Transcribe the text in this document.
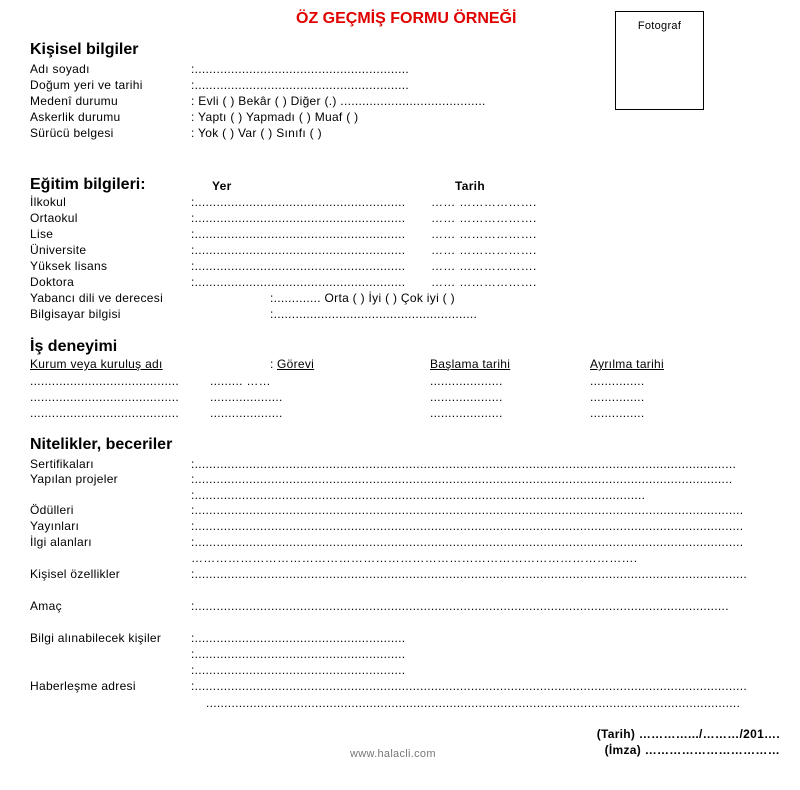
ÖZ GEÇMİŞ FORMU ÖRNEĞİ	Fotograf
Kişisel bilgiler
Adı soyadı	:...........................................................
Doğum yeri ve tarihi	:...........................................................
Medenî durumu	: Evli ( ) Bekâr ( ) Diğer (.) ........................................
Askerlik durumu	: Yaptı ( ) Yapmadı ( ) Muaf ( )
Sürücü belgesi	: Yok ( ) Var ( ) Sınıfı ( )
Eğitim bilgileri:	Yer	Tarih
İlkokul	:.......................................................... …… ……………….
Ortaokul	:.......................................................... …… ……………….
Lise	:.......................................................... …… ……………….
Üniversite	:.......................................................... …… ……………….
Yüksek lisans	:.......................................................... …… ……………….
Doktora	:.......................................................... …… ……………….
Yabancı dili ve derecesi	:............. Orta ( ) İyi ( ) Çok iyi ( )
Bilgisayar bilgisi	:........................................................
İş deneyimi
Kurum veya kuruluş adı	: Görevi	Başlama tarihi	Ayrılma tarihi
.........................................	......... ……	....................	...............
.........................................	....................	....................	...............
.........................................	....................	....................	...............
Nitelikler, beceriler
Sertifikaları	:.....................................................................................................................................................
Yapılan projeler	:....................................................................................................................................................
:............................................................................................................................
Ödülleri	:.......................................................................................................................................................
Yayınları	:.......................................................................................................................................................
İlgi alanları	:.......................................................................................................................................................
……………………………………………………………………………………………….
Kişisel özellikler	:........................................................................................................................................................
Amaç	:...................................................................................................................................................
Bilgi alınabilecek kişiler :..........................................................
:..........................................................
:..........................................................
Haberleşme adresi	:........................................................................................................................................................
...................................................................................................................................................
(Tarih) ………….../………/201….
(İmza) ……………………………
www.halacli.com
